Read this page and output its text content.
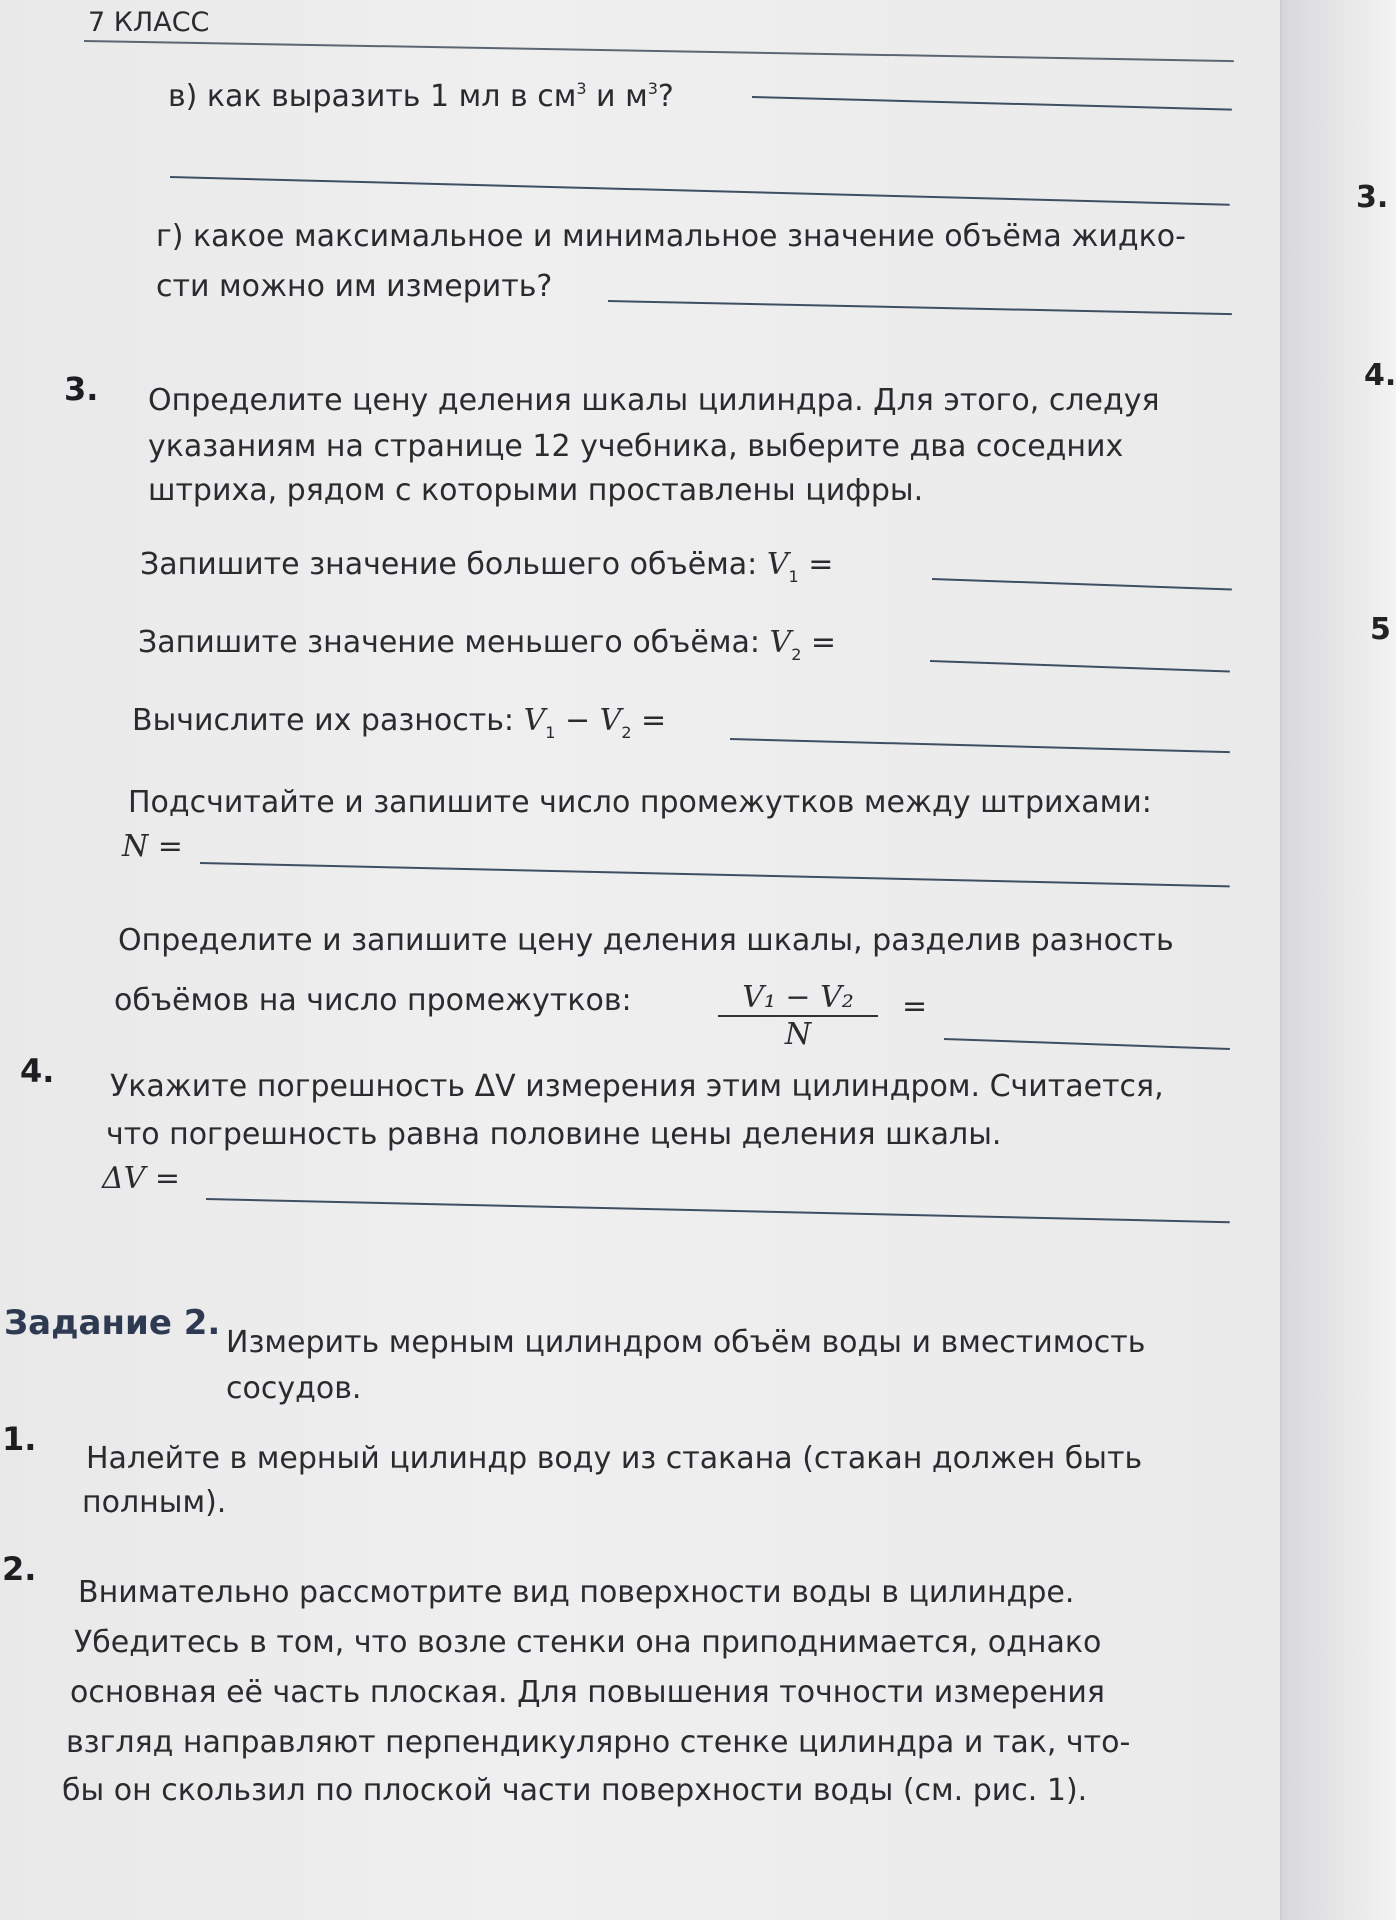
7 КЛАСС
в) как выразить 1 мл в $см^3$ и $м^3$?
г) какое максимальное и минимальное значение объёма жидко-
сти можно им измерить?
3. Определите цену деления шкалы цилиндра. Для этого, следуя
указаниям на странице 12 учебника, выберите два соседних
штриха, рядом с которыми проставлены цифры.
Запишите значение большего объёма: $V_1$ =
Запишите значение меньшего объёма: $V_2$ =
Вычислите их разность: $V_1 - V_2$ =
Подсчитайте и запишите число промежутков между штрихами:
N =
Определите и запишите цену деления шкалы, разделив разность
объёмов на число промежутков:	$\frac{\text{V₁ − V₂}}{N}$ =
4. Укажите погрешность ΔV измерения этим цилиндром. Считается,
что погрешность равна половине цены деления шкалы.
ΔV =
Задание 2. Измерить мерным цилиндром объём воды и вместимость
сосудов.
1.
Налейте в мерный цилиндр воду из стакана (стакан должен быть
полным).
2.
Внимательно рассмотрите вид поверхности воды в цилиндре.
Убедитесь в том, что возле стенки она приподнимается, однако
основная её часть плоская. Для повышения точности измерения
взгляд направляют перпендикулярно стенке цилиндра и так, что-
бы он скользил по плоской части поверхности воды (см. рис. 1).
3.
4.
5
